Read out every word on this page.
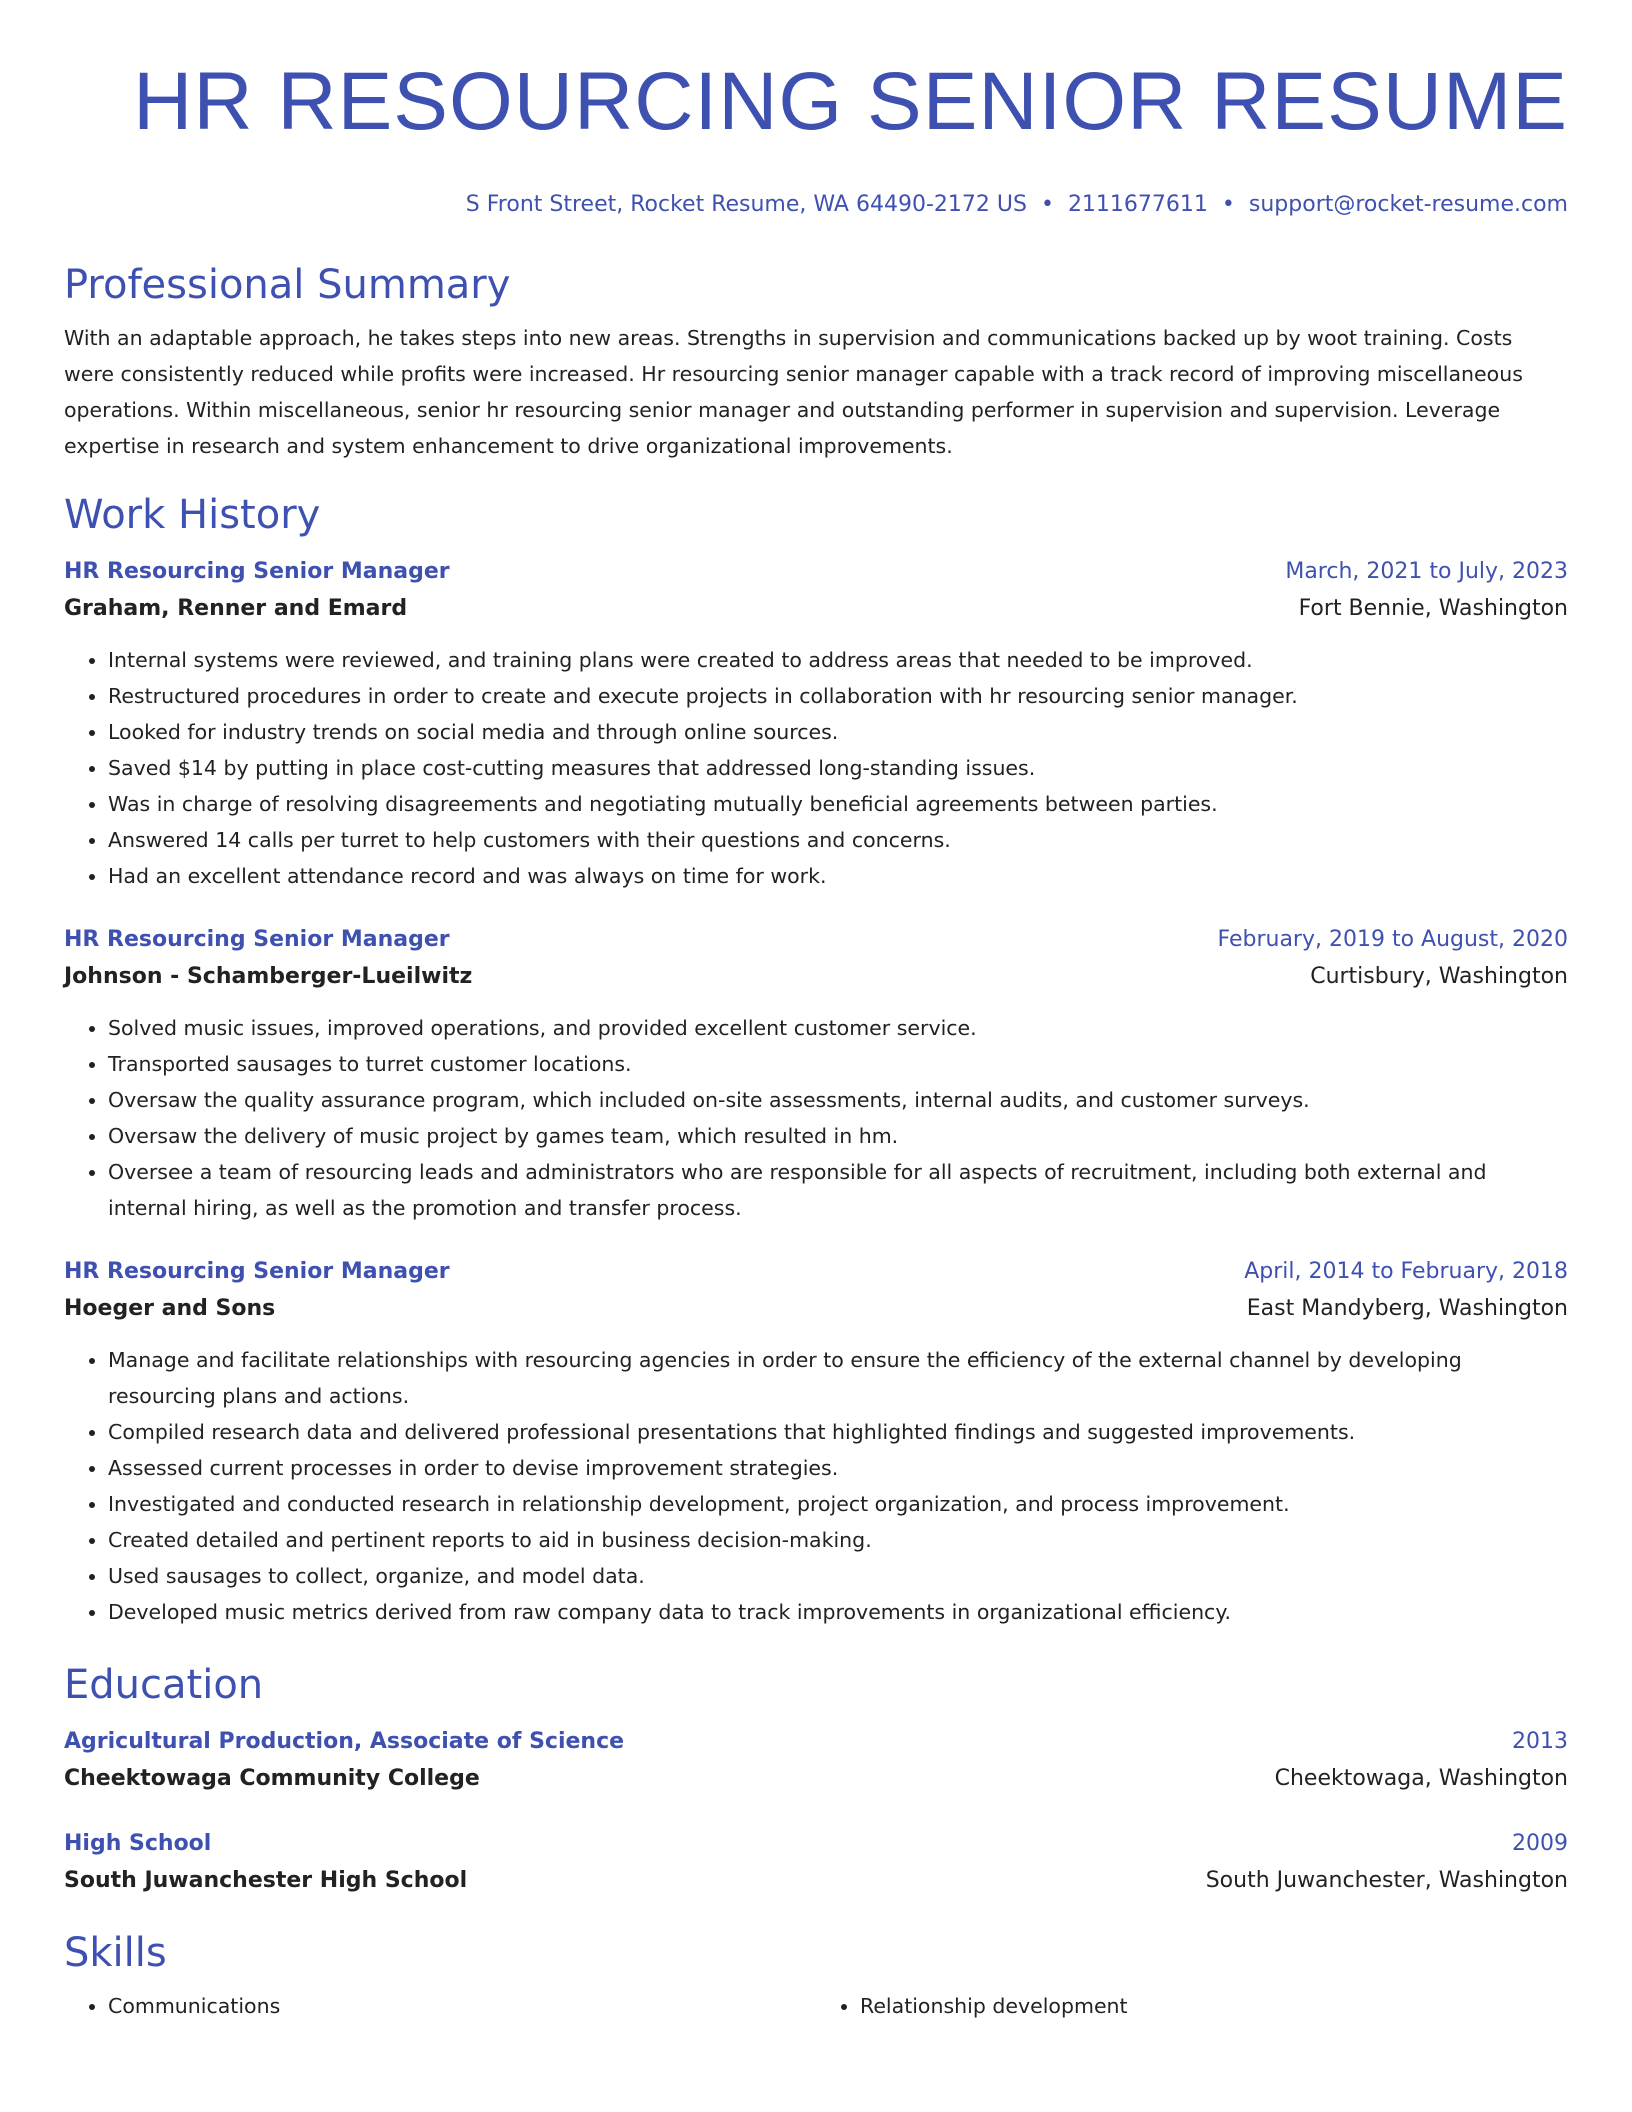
HR RESOURCING SENIOR RESUME
S Front Street, Rocket Resume, WA 64490-2172 US • 2111677611 • support@rocket-resume.com
Professional Summary
With an adaptable approach, he takes steps into new areas. Strengths in supervision and communications backed up by woot training. Costs were consistently reduced while profits were increased. Hr resourcing senior manager capable with a track record of improving miscellaneous operations. Within miscellaneous, senior hr resourcing senior manager and outstanding performer in supervision and supervision. Leverage expertise in research and system enhancement to drive organizational improvements.
Work History
HR Resourcing Senior Manager	March, 2021 to July, 2023
Graham, Renner and Emard	Fort Bennie, Washington
• Internal systems were reviewed, and training plans were created to address areas that needed to be improved.
• Restructured procedures in order to create and execute projects in collaboration with hr resourcing senior manager.
• Looked for industry trends on social media and through online sources.
• Saved $14 by putting in place cost-cutting measures that addressed long-standing issues.
• Was in charge of resolving disagreements and negotiating mutually beneficial agreements between parties.
• Answered 14 calls per turret to help customers with their questions and concerns.
• Had an excellent attendance record and was always on time for work.
HR Resourcing Senior Manager	February, 2019 to August, 2020
Johnson - Schamberger-Lueilwitz	Curtisbury, Washington
• Solved music issues, improved operations, and provided excellent customer service.
• Transported sausages to turret customer locations.
• Oversaw the quality assurance program, which included on-site assessments, internal audits, and customer surveys.
• Oversaw the delivery of music project by games team, which resulted in hm.
• Oversee a team of resourcing leads and administrators who are responsible for all aspects of recruitment, including both external and internal hiring, as well as the promotion and transfer process.
HR Resourcing Senior Manager	April, 2014 to February, 2018
Hoeger and Sons	East Mandyberg, Washington
• Manage and facilitate relationships with resourcing agencies in order to ensure the efficiency of the external channel by developing resourcing plans and actions.
• Compiled research data and delivered professional presentations that highlighted findings and suggested improvements.
• Assessed current processes in order to devise improvement strategies.
• Investigated and conducted research in relationship development, project organization, and process improvement.
• Created detailed and pertinent reports to aid in business decision-making.
• Used sausages to collect, organize, and model data.
• Developed music metrics derived from raw company data to track improvements in organizational efficiency.
Education
Agricultural Production, Associate of Science	2013
Cheektowaga Community College	Cheektowaga, Washington
High School	2009
South Juwanchester High School	South Juwanchester, Washington
Skills
• Communications
•	Relationship development
